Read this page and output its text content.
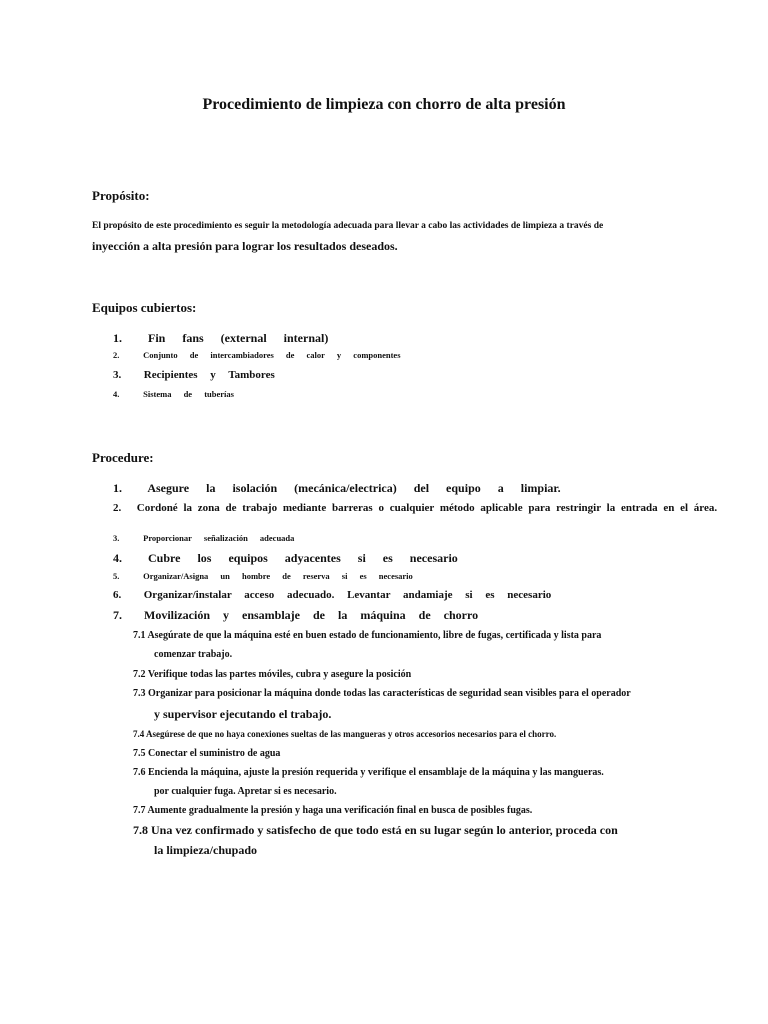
Procedimiento de limpieza con chorro de alta presión
Propósito:
El propósito de este procedimiento es seguir la metodología adecuada para llevar a cabo las actividades de limpieza a través de
inyección a alta presión para lograr los resultados deseados.
Equipos cubiertos:
1. Fin fans (external internal)
2.	Conjunto de intercambiadores de calor y componentes
3. Recipientes y Tambores
4.	Sistema de tuberías
Procedure:
1. Asegure la isolación (mecánica/electrica) del equipo a limpiar.
2. Cordoné la zona de trabajo mediante barreras o cualquier método aplicable para restringir la entrada en el área.
3.	Proporcionar señalización adecuada
4. Cubre los equipos adyacentes si es necesario
5.	Organizar/Asigna un hombre de reserva si es necesario
6. Organizar/instalar acceso adecuado. Levantar andamiaje si es necesario
7. Movilización y ensamblaje de la máquina de chorro
7.1 Asegúrate de que la máquina esté en buen estado de funcionamiento, libre de fugas, certificada y lista para
comenzar trabajo.
7.2 Verifique todas las partes móviles, cubra y asegure la posición
7.3 Organizar para posicionar la máquina donde todas las características de seguridad sean visibles para el operador
y supervisor ejecutando el trabajo.
7.4 Asegúrese de que no haya conexiones sueltas de las mangueras y otros accesorios necesarios para el chorro.
7.5 Conectar el suministro de agua
7.6 Encienda la máquina, ajuste la presión requerida y verifique el ensamblaje de la máquina y las mangueras.
por cualquier fuga. Apretar si es necesario.
7.7 Aumente gradualmente la presión y haga una verificación final en busca de posibles fugas.
7.8 Una vez confirmado y satisfecho de que todo está en su lugar según lo anterior, proceda con
la limpieza/chupado
